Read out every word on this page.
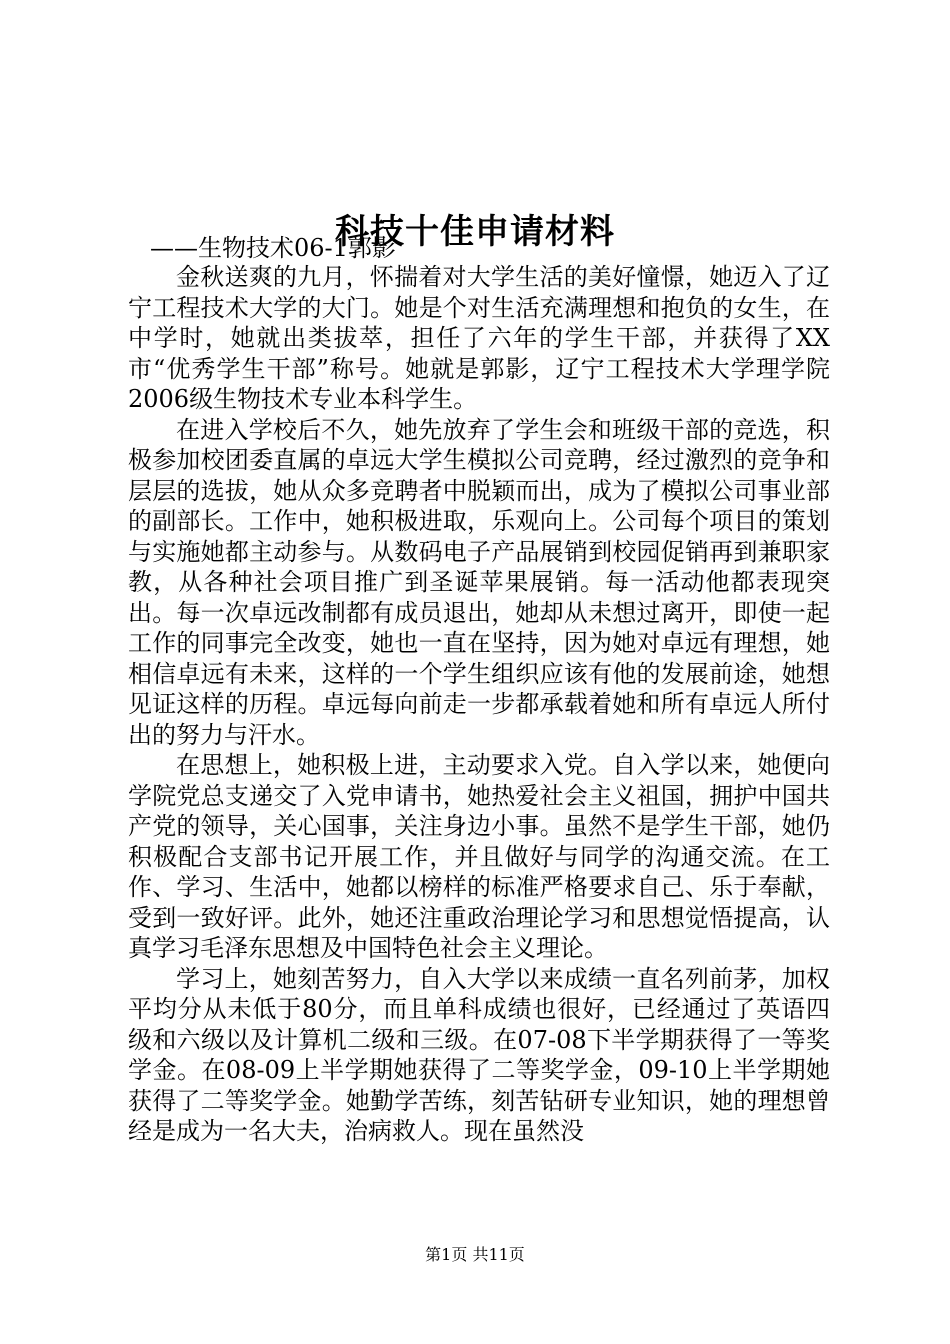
科技十佳申请材料
——生物技术06-1郭影

金秋送爽的九月，怀揣着对大学生活的美好憧憬，她迈入了辽宁工程技术大学的大门。她是个对生活充满理想和抱负的女生，在中学时，她就出类拔萃，担任了六年的学生干部，并获得了XX市“优秀学生干部”称号。她就是郭影，辽宁工程技术大学理学院2006级生物技术专业本科学生。

在进入学校后不久，她先放弃了学生会和班级干部的竞选，积极参加校团委直属的卓远大学生模拟公司竞聘，经过激烈的竞争和层层的选拔，她从众多竞聘者中脱颖而出，成为了模拟公司事业部的副部长。工作中，她积极进取，乐观向上。公司每个项目的策划与实施她都主动参与。从数码电子产品展销到校园促销再到兼职家教，从各种社会项目推广到圣诞苹果展销。每一活动他都表现突出。每一次卓远改制都有成员退出，她却从未想过离开，即使一起工作的同事完全改变，她也一直在坚持，因为她对卓远有理想，她相信卓远有未来，这样的一个学生组织应该有他的发展前途，她想见证这样的历程。卓远每向前走一步都承载着她和所有卓远人所付出的努力与汗水。

在思想上，她积极上进，主动要求入党。自入学以来，她便向学院党总支递交了入党申请书，她热爱社会主义祖国，拥护中国共产党的领导，关心国事，关注身边小事。虽然不是学生干部，她仍积极配合支部书记开展工作，并且做好与同学的沟通交流。在工作、学习、生活中，她都以榜样的标准严格要求自己、乐于奉献，受到一致好评。此外，她还注重政治理论学习和思想觉悟提高，认真学习毛泽东思想及中国特色社会主义理论。

学习上，她刻苦努力，自入大学以来成绩一直名列前茅，加权平均分从未低于80分，而且单科成绩也很好，已经通过了英语四级和六级以及计算机二级和三级。在07-08下半学期获得了一等奖学金。在08-09上半学期她获得了二等奖学金，09-10上半学期她获得了二等奖学金。她勤学苦练，刻苦钻研专业知识，她的理想曾经是成为一名大夫，治病救人。现在虽然没

第1页 共11页
